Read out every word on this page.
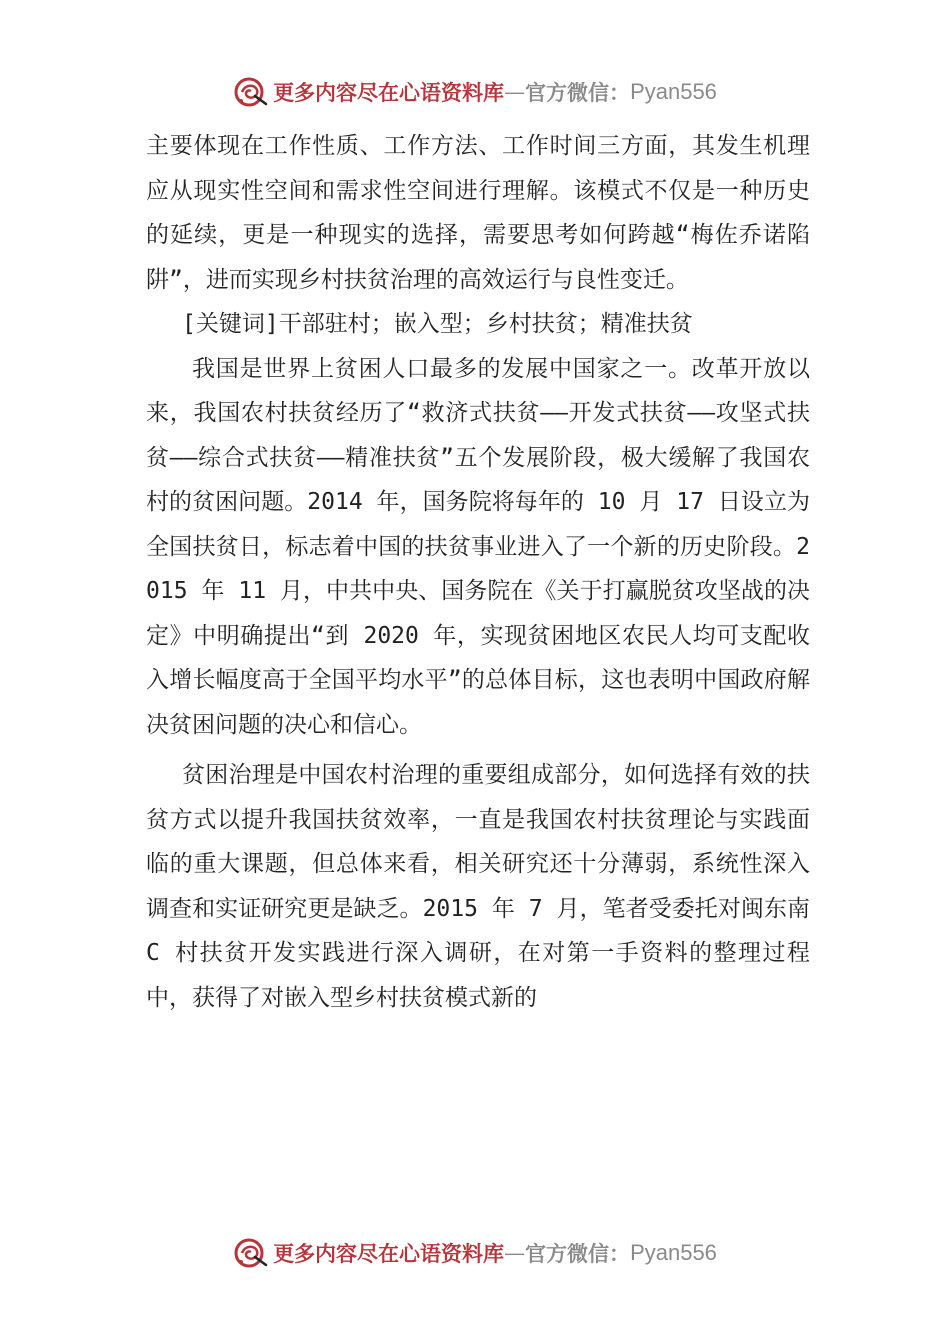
更多内容尽在心语资料库 — 官方微信： Pyan556

主要体现在工作性质、工作方法、工作时间三方面，其发生机理应从现实性空间和需求性空间进行理解。该模式不仅是一种历史的延续，更是一种现实的选择，需要思考如何跨越“梅佐乔诺陷阱”，进而实现乡村扶贫治理的高效运行与良性变迁。

[关键词]干部驻村；嵌入型；乡村扶贫；精准扶贫

我国是世界上贫困人口最多的发展中国家之一。改革开放以来，我国农村扶贫经历了“救济式扶贫——开发式扶贫——攻坚式扶贫——综合式扶贫——精准扶贫”五个发展阶段，极大缓解了我国农村的贫困问题。2014 年，国务院将每年的 10 月 17 日设立为全国扶贫日，标志着中国的扶贫事业进入了一个新的历史阶段。2015 年 11 月，中共中央、国务院在《关于打赢脱贫攻坚战的决定》中明确提出“到 2020 年，实现贫困地区农民人均可支配收入增长幅度高于全国平均水平”的总体目标，这也表明中国政府解决贫困问题的决心和信心。

贫困治理是中国农村治理的重要组成部分，如何选择有效的扶贫方式以提升我国扶贫效率，一直是我国农村扶贫理论与实践面临的重大课题，但总体来看，相关研究还十分薄弱，系统性深入调查和实证研究更是缺乏。2015 年 7 月，笔者受委托对闽东南 C 村扶贫开发实践进行深入调研，在对第一手资料的整理过程中，获得了对嵌入型乡村扶贫模式新的

更多内容尽在心语资料库 — 官方微信： Pyan556
